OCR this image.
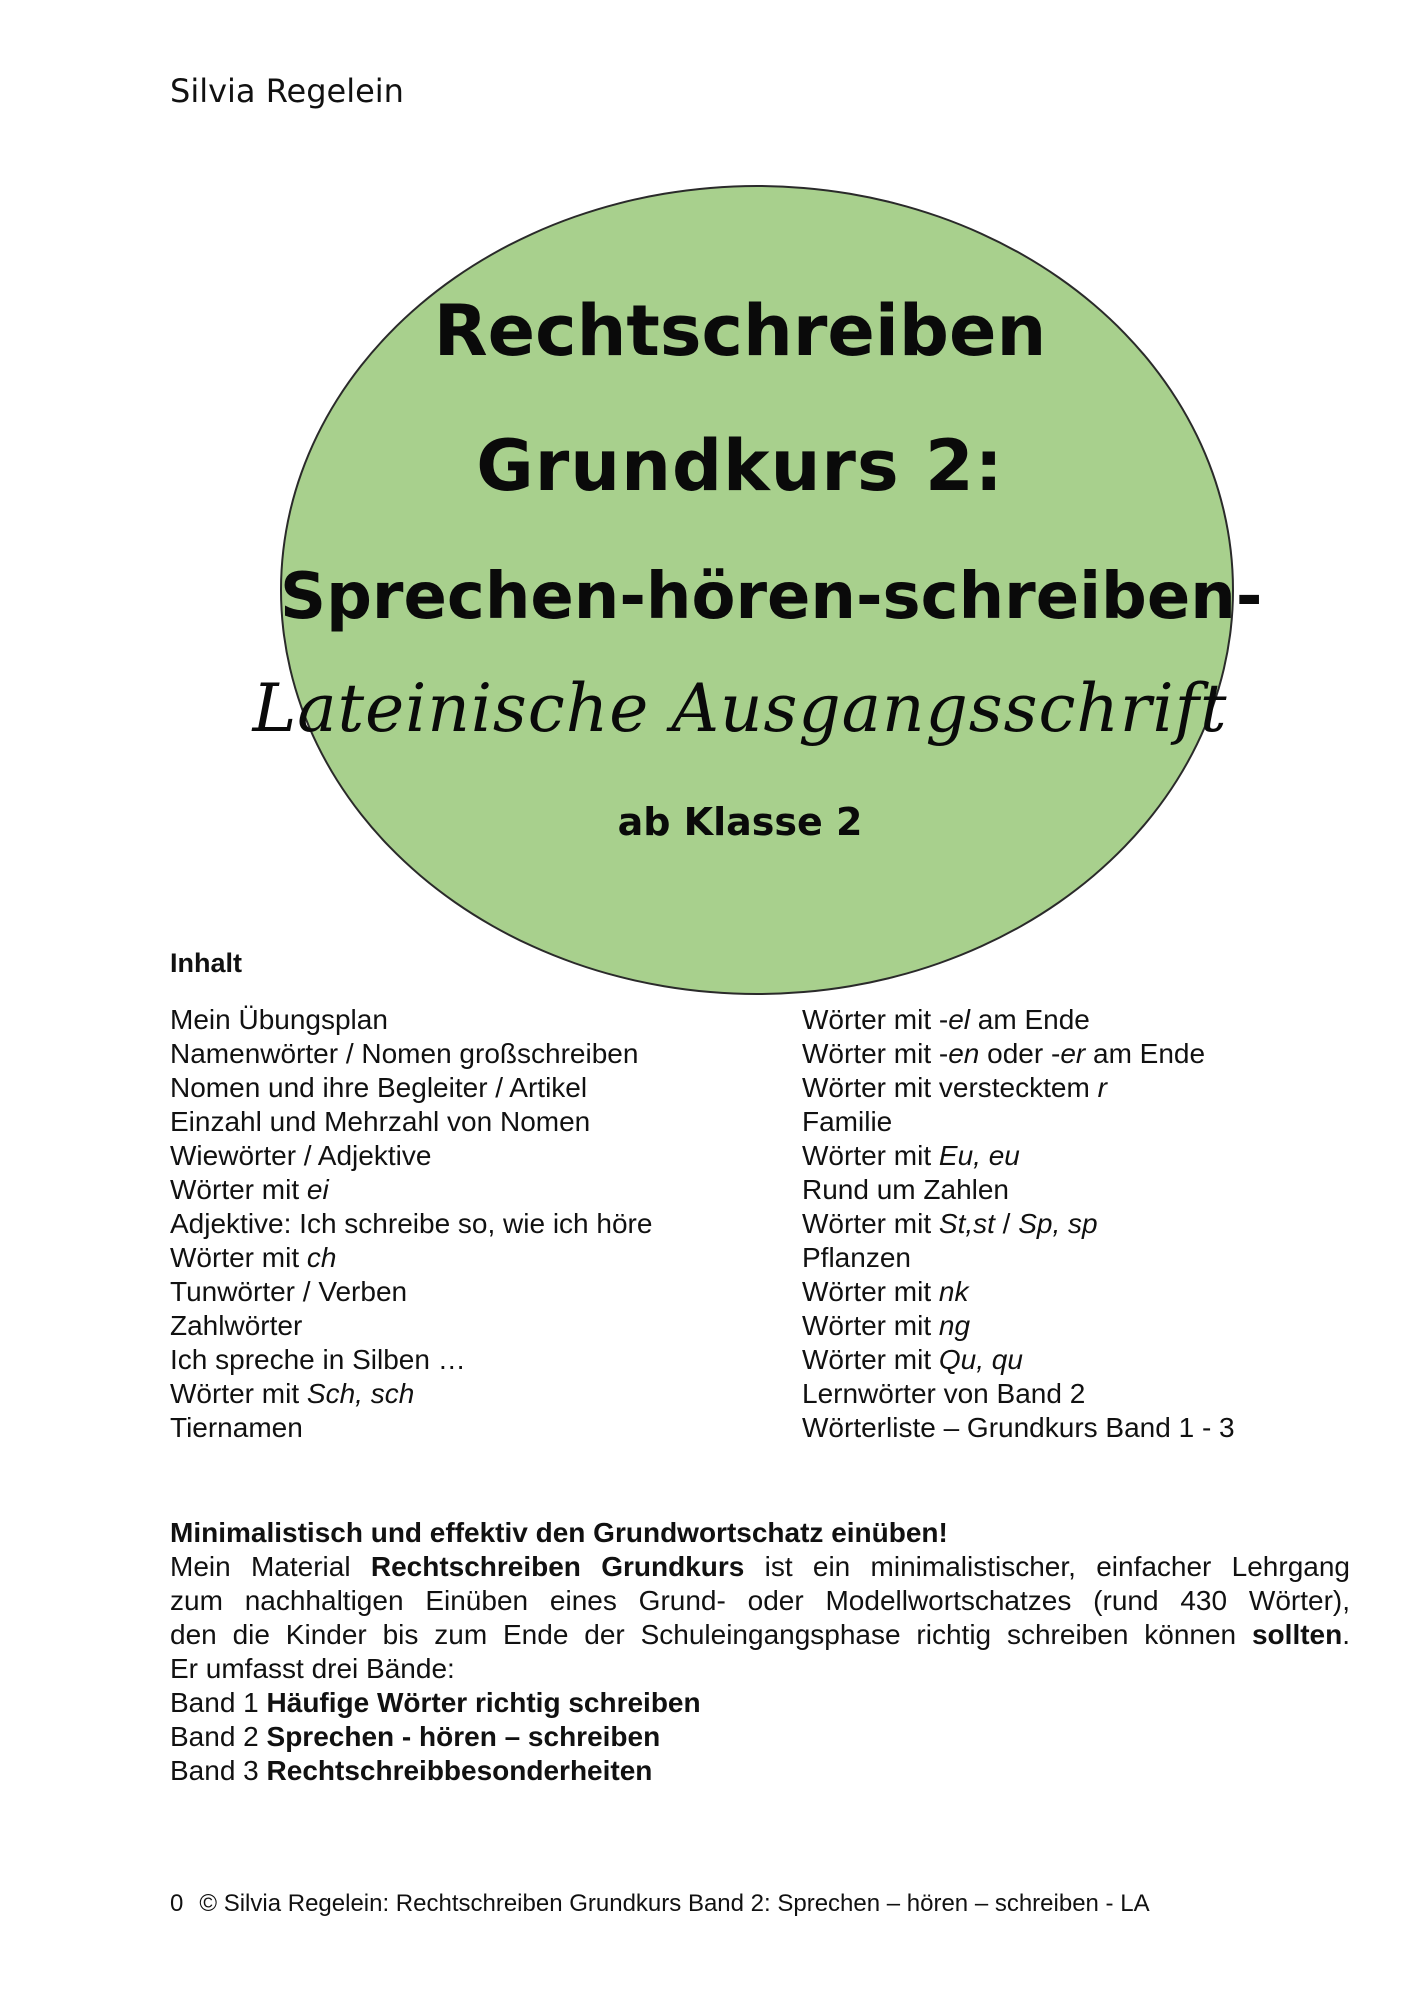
Silvia Regelein
Rechtschreiben
Grundkurs 2:
Sprechen-hören-schreiben-
Lateinische Ausgangsschrift
ab Klasse 2
Inhalt
Mein Übungsplan
Namenwörter / Nomen großschreiben
Nomen und ihre Begleiter / Artikel
Einzahl und Mehrzahl von Nomen
Wiewörter / Adjektive
Wörter mit ei
Adjektive: Ich schreibe so, wie ich höre
Wörter mit ch
Tunwörter / Verben
Zahlwörter
Ich spreche in Silben …
Wörter mit Sch, sch
Tiernamen
Wörter mit -el am Ende
Wörter mit -en oder -er am Ende
Wörter mit verstecktem r
Familie
Wörter mit Eu, eu
Rund um Zahlen
Wörter mit St,st / Sp, sp
Pflanzen
Wörter mit nk
Wörter mit ng
Wörter mit Qu, qu
Lernwörter von Band 2
Wörterliste – Grundkurs Band 1 - 3

Minimalistisch und effektiv den Grundwortschatz einüben!

Mein Material Rechtschreiben Grundkurs ist ein minimalistischer, einfacher Lehrgang

zum nachhaltigen Einüben eines Grund- oder Modellwortschatzes (rund 430 Wörter),

den die Kinder bis zum Ende der Schuleingangsphase richtig schreiben können sollten.

Er umfasst drei Bände:

Band 1 Häufige Wörter richtig schreiben

Band 2 Sprechen - hören – schreiben

Band 3 Rechtschreibbesonderheiten

0 © Silvia Regelein: Rechtschreiben Grundkurs Band 2: Sprechen – hören – schreiben - LA
